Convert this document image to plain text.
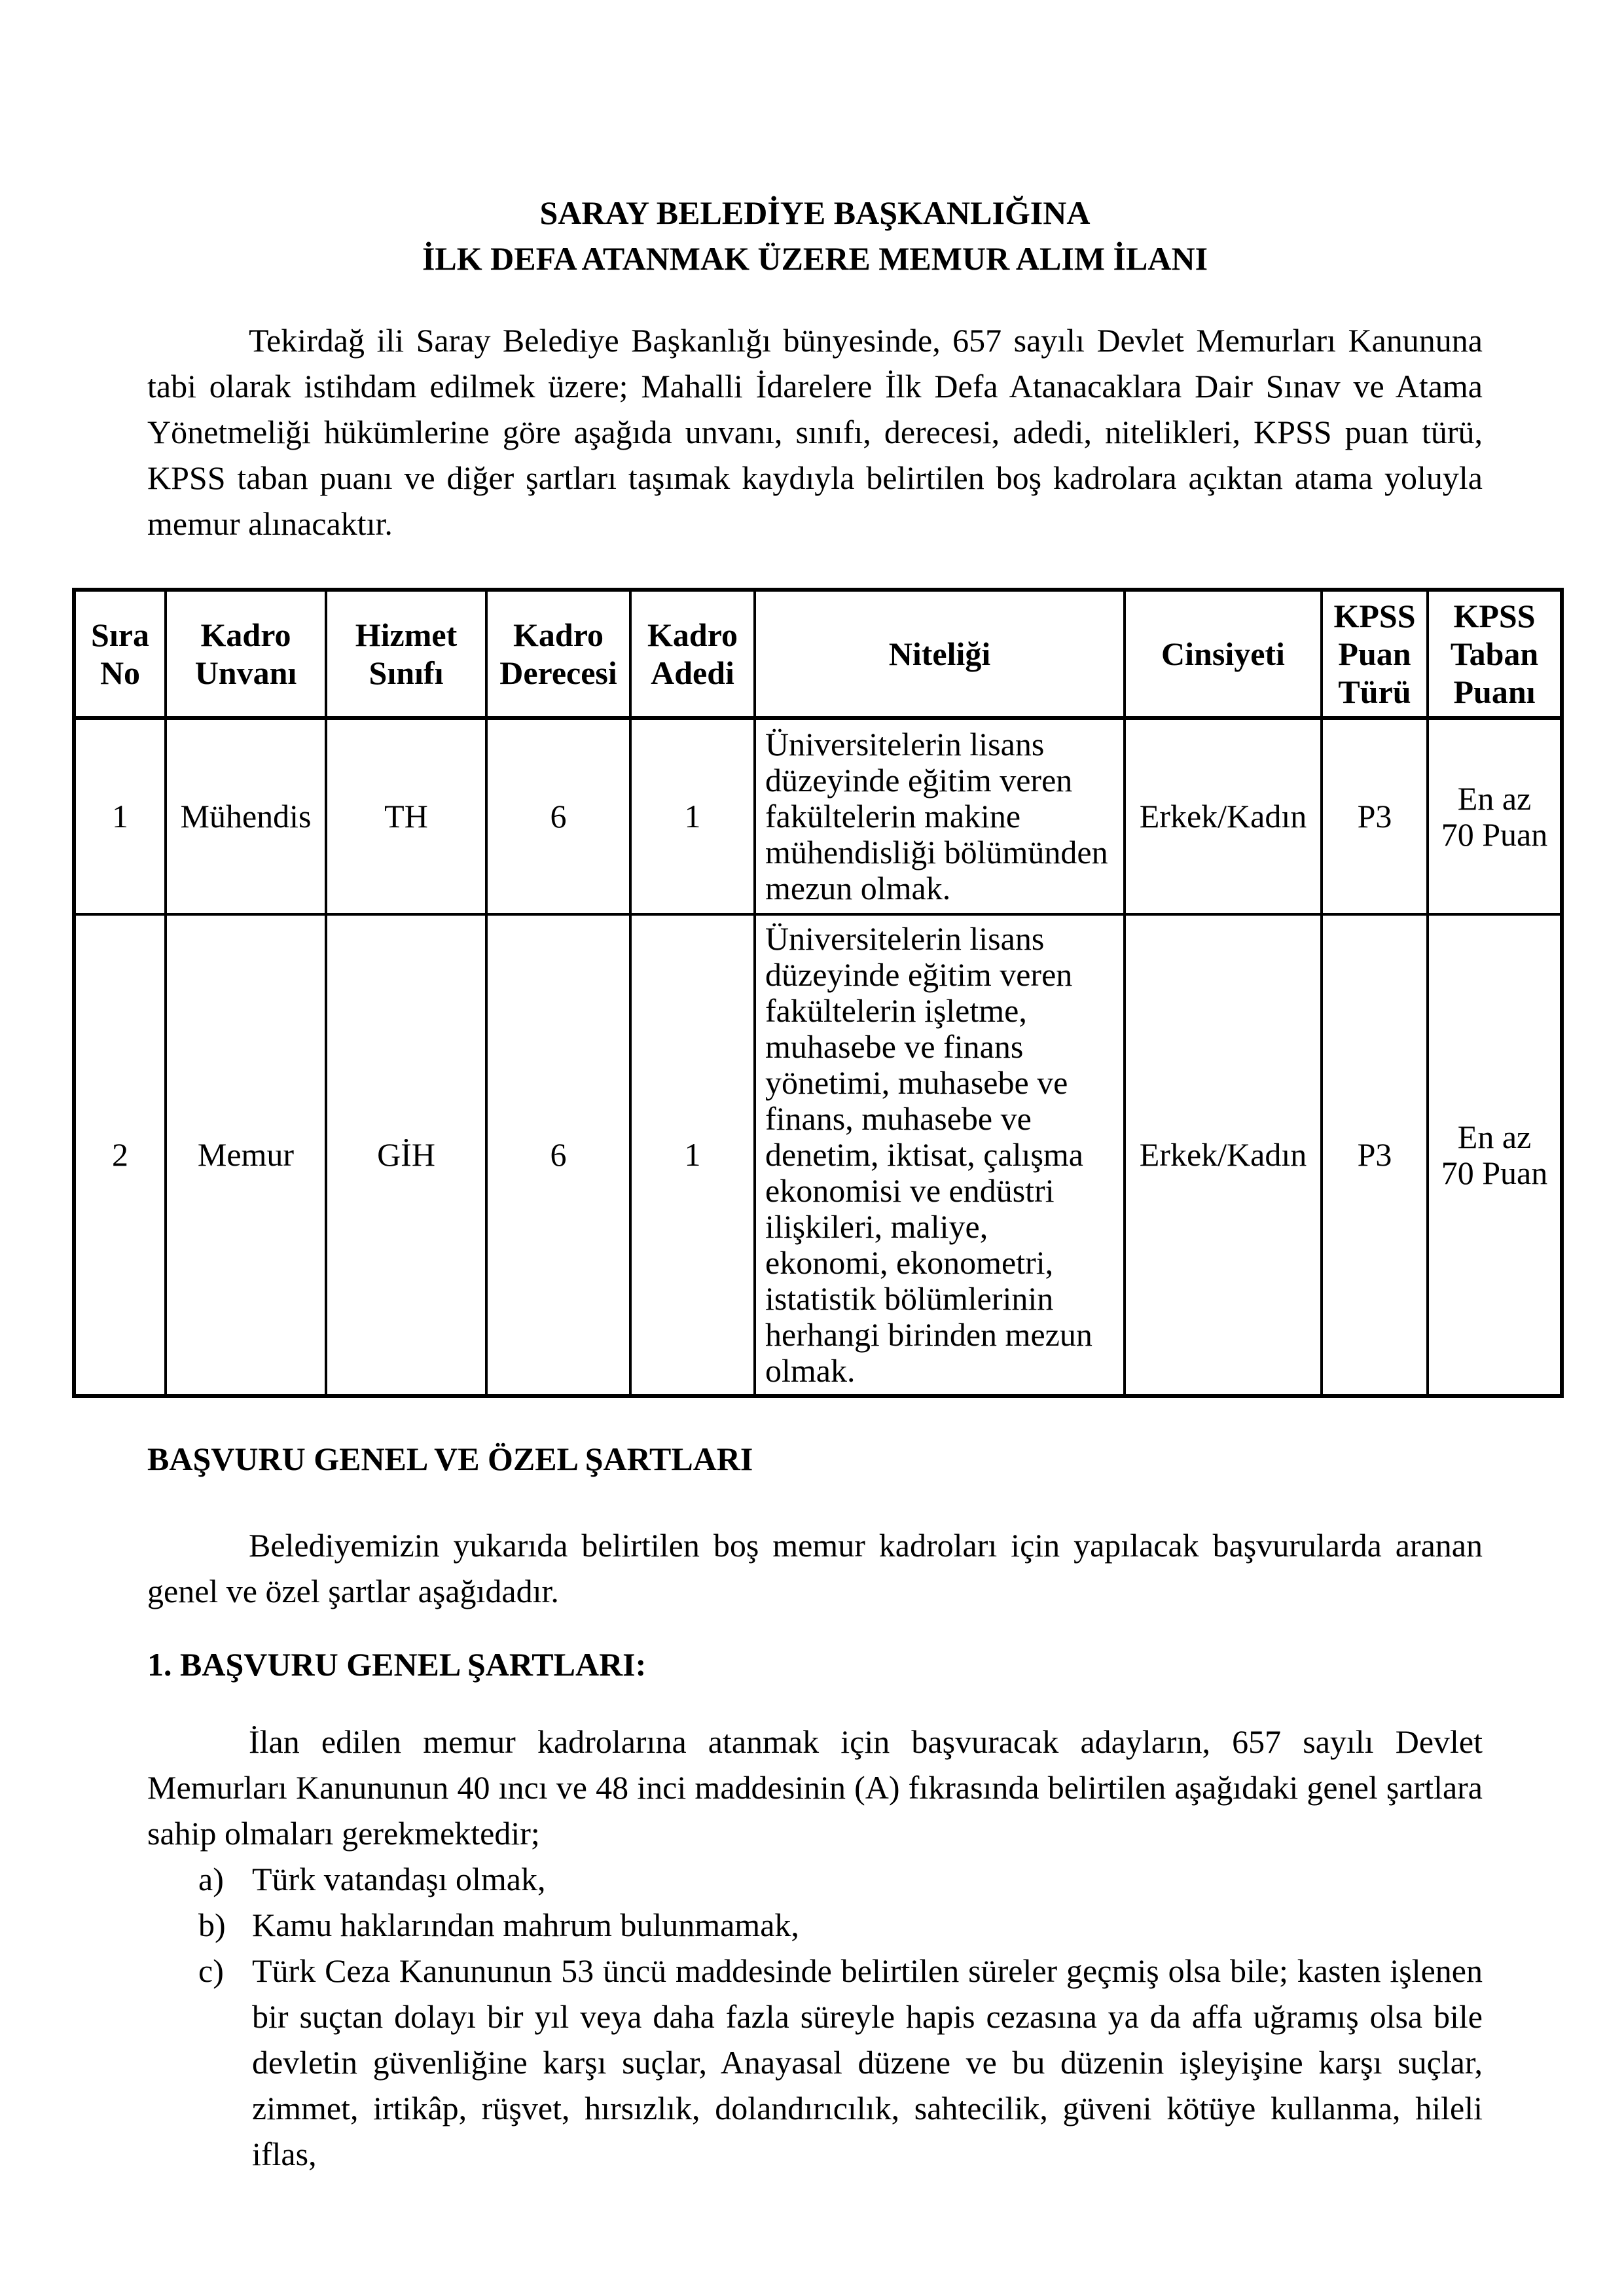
SARAY BELEDİYE BAŞKANLIĞINA
İLK DEFA ATANMAK ÜZERE MEMUR ALIM İLANI

Tekirdağ ili Saray Belediye Başkanlığı bünyesinde, 657 sayılı Devlet Memurları Kanununa tabi olarak istihdam edilmek üzere; Mahalli İdarelere İlk Defa Atanacaklara Dair Sınav ve Atama Yönetmeliği hükümlerine göre aşağıda unvanı, sınıfı, derecesi, adedi, nitelikleri, KPSS puan türü, KPSS taban puanı ve diğer şartları taşımak kaydıyla belirtilen boş kadrolara açıktan atama yoluyla memur alınacaktır.

Sıra No	Kadro Unvanı	Hizmet Sınıfı	Kadro Derecesi	Kadro Adedi	Niteliği	Cinsiyeti	KPSS Puan Türü	KPSS Taban Puanı
1	Mühendis	TH	6	1	Üniversitelerin lisans düzeyinde eğitim veren fakültelerin makine mühendisliği bölümünden mezun olmak.	Erkek/Kadın	P3	En az 70 Puan
2	Memur	GİH	6	1	Üniversitelerin lisans düzeyinde eğitim veren fakültelerin işletme, muhasebe ve finans yönetimi, muhasebe ve finans, muhasebe ve denetim, iktisat, çalışma ekonomisi ve endüstri ilişkileri, maliye, ekonomi, ekonometri, istatistik bölümlerinin herhangi birinden mezun olmak.	Erkek/Kadın	P3	En az 70 Puan
BAŞVURU GENEL VE ÖZEL ŞARTLARI

Belediyemizin yukarıda belirtilen boş memur kadroları için yapılacak başvurularda aranan genel ve özel şartlar aşağıdadır.

1. BAŞVURU GENEL ŞARTLARI:

İlan edilen memur kadrolarına atanmak için başvuracak adayların, 657 sayılı Devlet Memurları Kanununun 40 ıncı ve 48 inci maddesinin (A) fıkrasında belirtilen aşağıdaki genel şartlara sahip olmaları gerekmektedir;

a) Türk vatandaşı olmak,
b) Kamu haklarından mahrum bulunmamak,
c) Türk Ceza Kanununun 53 üncü maddesinde belirtilen süreler geçmiş olsa bile; kasten işlenen bir suçtan dolayı bir yıl veya daha fazla süreyle hapis cezasına ya da affa uğramış olsa bile devletin güvenliğine karşı suçlar, Anayasal düzene ve bu düzenin işleyişine karşı suçlar, zimmet, irtikâp, rüşvet, hırsızlık, dolandırıcılık, sahtecilik, güveni kötüye kullanma, hileli iflas,
